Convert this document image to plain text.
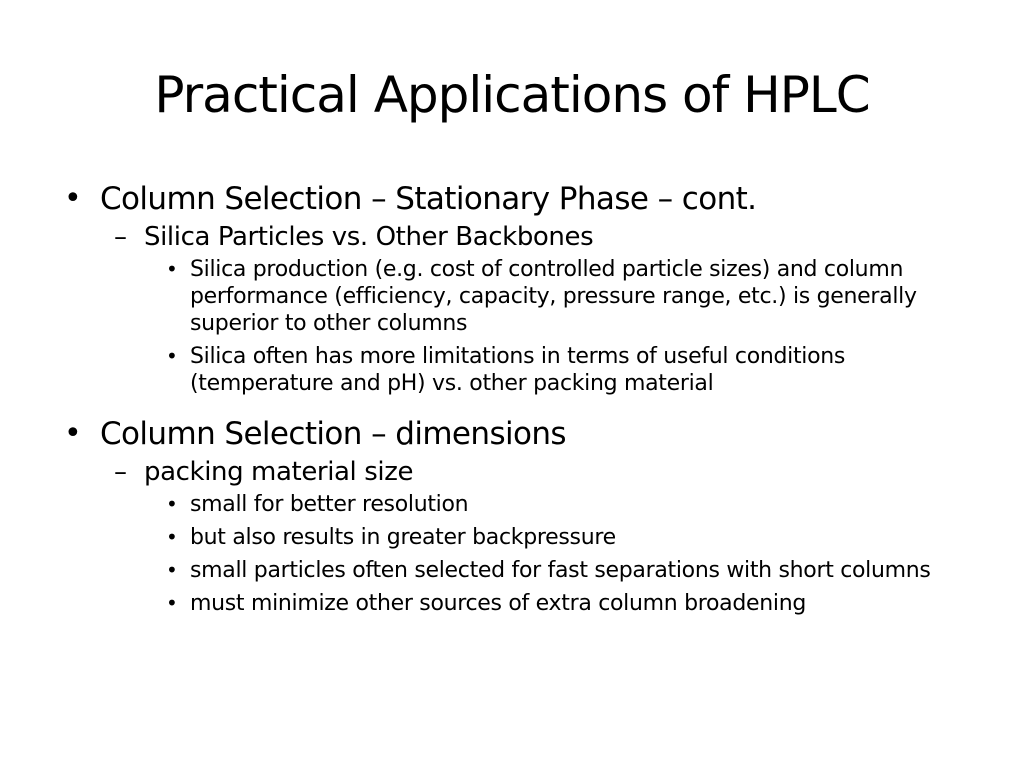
Practical Applications of HPLC
• Column Selection – Stationary Phase – cont.
– Silica Particles vs. Other Backbones
• Silica production (e.g. cost of controlled particle sizes) and column performance (efficiency, capacity, pressure range, etc.) is generally superior to other columns
• Silica often has more limitations in terms of useful conditions (temperature and pH) vs. other packing material
• Column Selection – dimensions
– packing material size
• small for better resolution
• but also results in greater backpressure
• small particles often selected for fast separations with short columns
• must minimize other sources of extra column broadening
